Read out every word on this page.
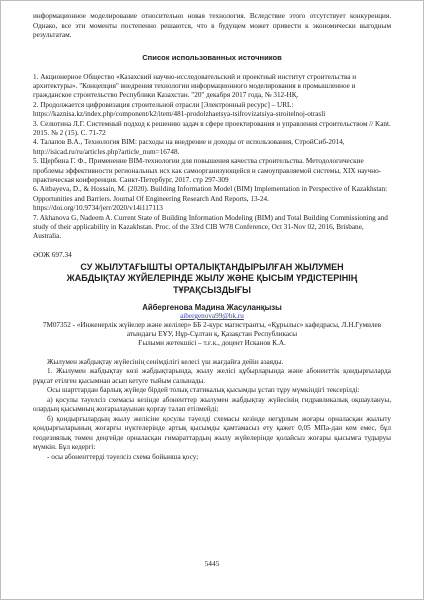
информационное моделирование относительно новая технология. Вследствие этого отсутствует конкуренция. Однако, все эти моменты постепенно решаются, что в будущем может привести к экономически выгодным результатам.

Список использованных источников

1. Акционерное Общество «Казахский научно-исследовательский и проектный институт строительства и архитектуры». "Концепция" внедрения технологии информационного моделирования в промышленное и гражданское строительство Республики Казахстан. "20" декабря 2017 года, № 312-НҚ.

2. Продолжается цифровизация строительной отрасли [Электронный ресурс] – URL: https://kaznisa.kz/index.php/component/k2/item/481-prodolzhaetsya-tsifrovizatsiya-stroitelnoj-otrasli

3. Селютина Л.Г. Системный подход к решению задач в сфере проектирования и управления строительством // Kant. 2015. № 2 (15). С. 71-72

4. Талапов В.А., Технология BIM: расходы на внедрение и доходы от использования, СтройСиб-2014, http://isicad.ru/ru/articles.php?article_num=16748.

5. Щербина Г. Ф., Применение BIM-технологии для повышения качества строительства. Методологические проблемы эффективности региональных исх как самоорганизующейся и самоуправляемой системы, XIX научно-практическая конференция. Санкт-Петербург, 2017. стр 297-309

6. Aitbayeva, D., & Hossain, M. (2020). Building Information Model (BIM) Implementation in Perspective of Kazakhstan: Opportunities and Barriers. Journal Of Engineering Research And Reports, 13-24. https://doi.org/10.9734/jerr/2020/v14i117113

7. Akhanova G, Nadeem A. Current State of Building Information Modeling (BIM) and Total Building Commissioning and study of their applicability in Kazakhstan. Proc. of the 33rd CIB W78 Conference, Oct 31-Nov 02, 2016, Brisbane, Australia.

ӘОЖ 697.34
СУ ЖЫЛУТАҒЫШТЫ ОРТАЛЫҚТАНДЫРЫЛҒАН ЖЫЛУМЕН
ЖАБДЫҚТАУ ЖҮЙЕЛЕРІНДЕ ЖЫЛУ ЖӘНЕ ҚЫСЫМ ҮРДІСТЕРІНІҢ
ТҰРАҚСЫЗДЫҒЫ
Айбергенова Мадина Жасуланқызы
aibergenova99@bk.ru

7M07352 - «Инженерлік жүйелер және желілер» ББ 2-курс магистранты, «Құрылыс» кафедрасы, Л.Н.Гумилев атындағы ЕҰУ, Нұр-Сұлтан қ, Қазақстан Республикасы

Ғылыми жетекшісі – т.ғ.к., доцент Исканов К.А.

Жылумен жабдықтау жүйесінің сенімділігі келесі үш жағдайға дейін азаяды.

1. Жылумен жабдықтау көзі жабдықтарында, жылу желісі құбырларында және абоненттік қондырғыларда рұқсат етілген қысымнан асып кетуге тыйым салынады.

Осы шарттардан барлық жүйеде бірдей толық статикалық қысымды ұстап тұру мүмкіндігі тексерілді:

а) қосулы тәуелсіз схемасы кезінде абоненттер жылумен жабдықтау жүйесінің гидравликалық оқшаулануы, олардың қысымның жоғарылауынан қорғау талап етілмейді;

б) қондырғылардың жылу желісіне қосулы тәуелді схемасы кезінде негұрлым жоғары орналасқан жылыту қондырғыларының жоғарғы нүктелерінде артық қысымды қамтамасыз ету қажет 0,05 МПа-дан кем емес, бұл геодезиялық төмен деңгейде орналасқан ғимараттардың жылу жүйелерінде қолайсыз жоғары қысымға тудыруы мүмкін. Бұл кедергі:

- осы абоненттерді тәуелсіз схема бойынша қосу;

5445
